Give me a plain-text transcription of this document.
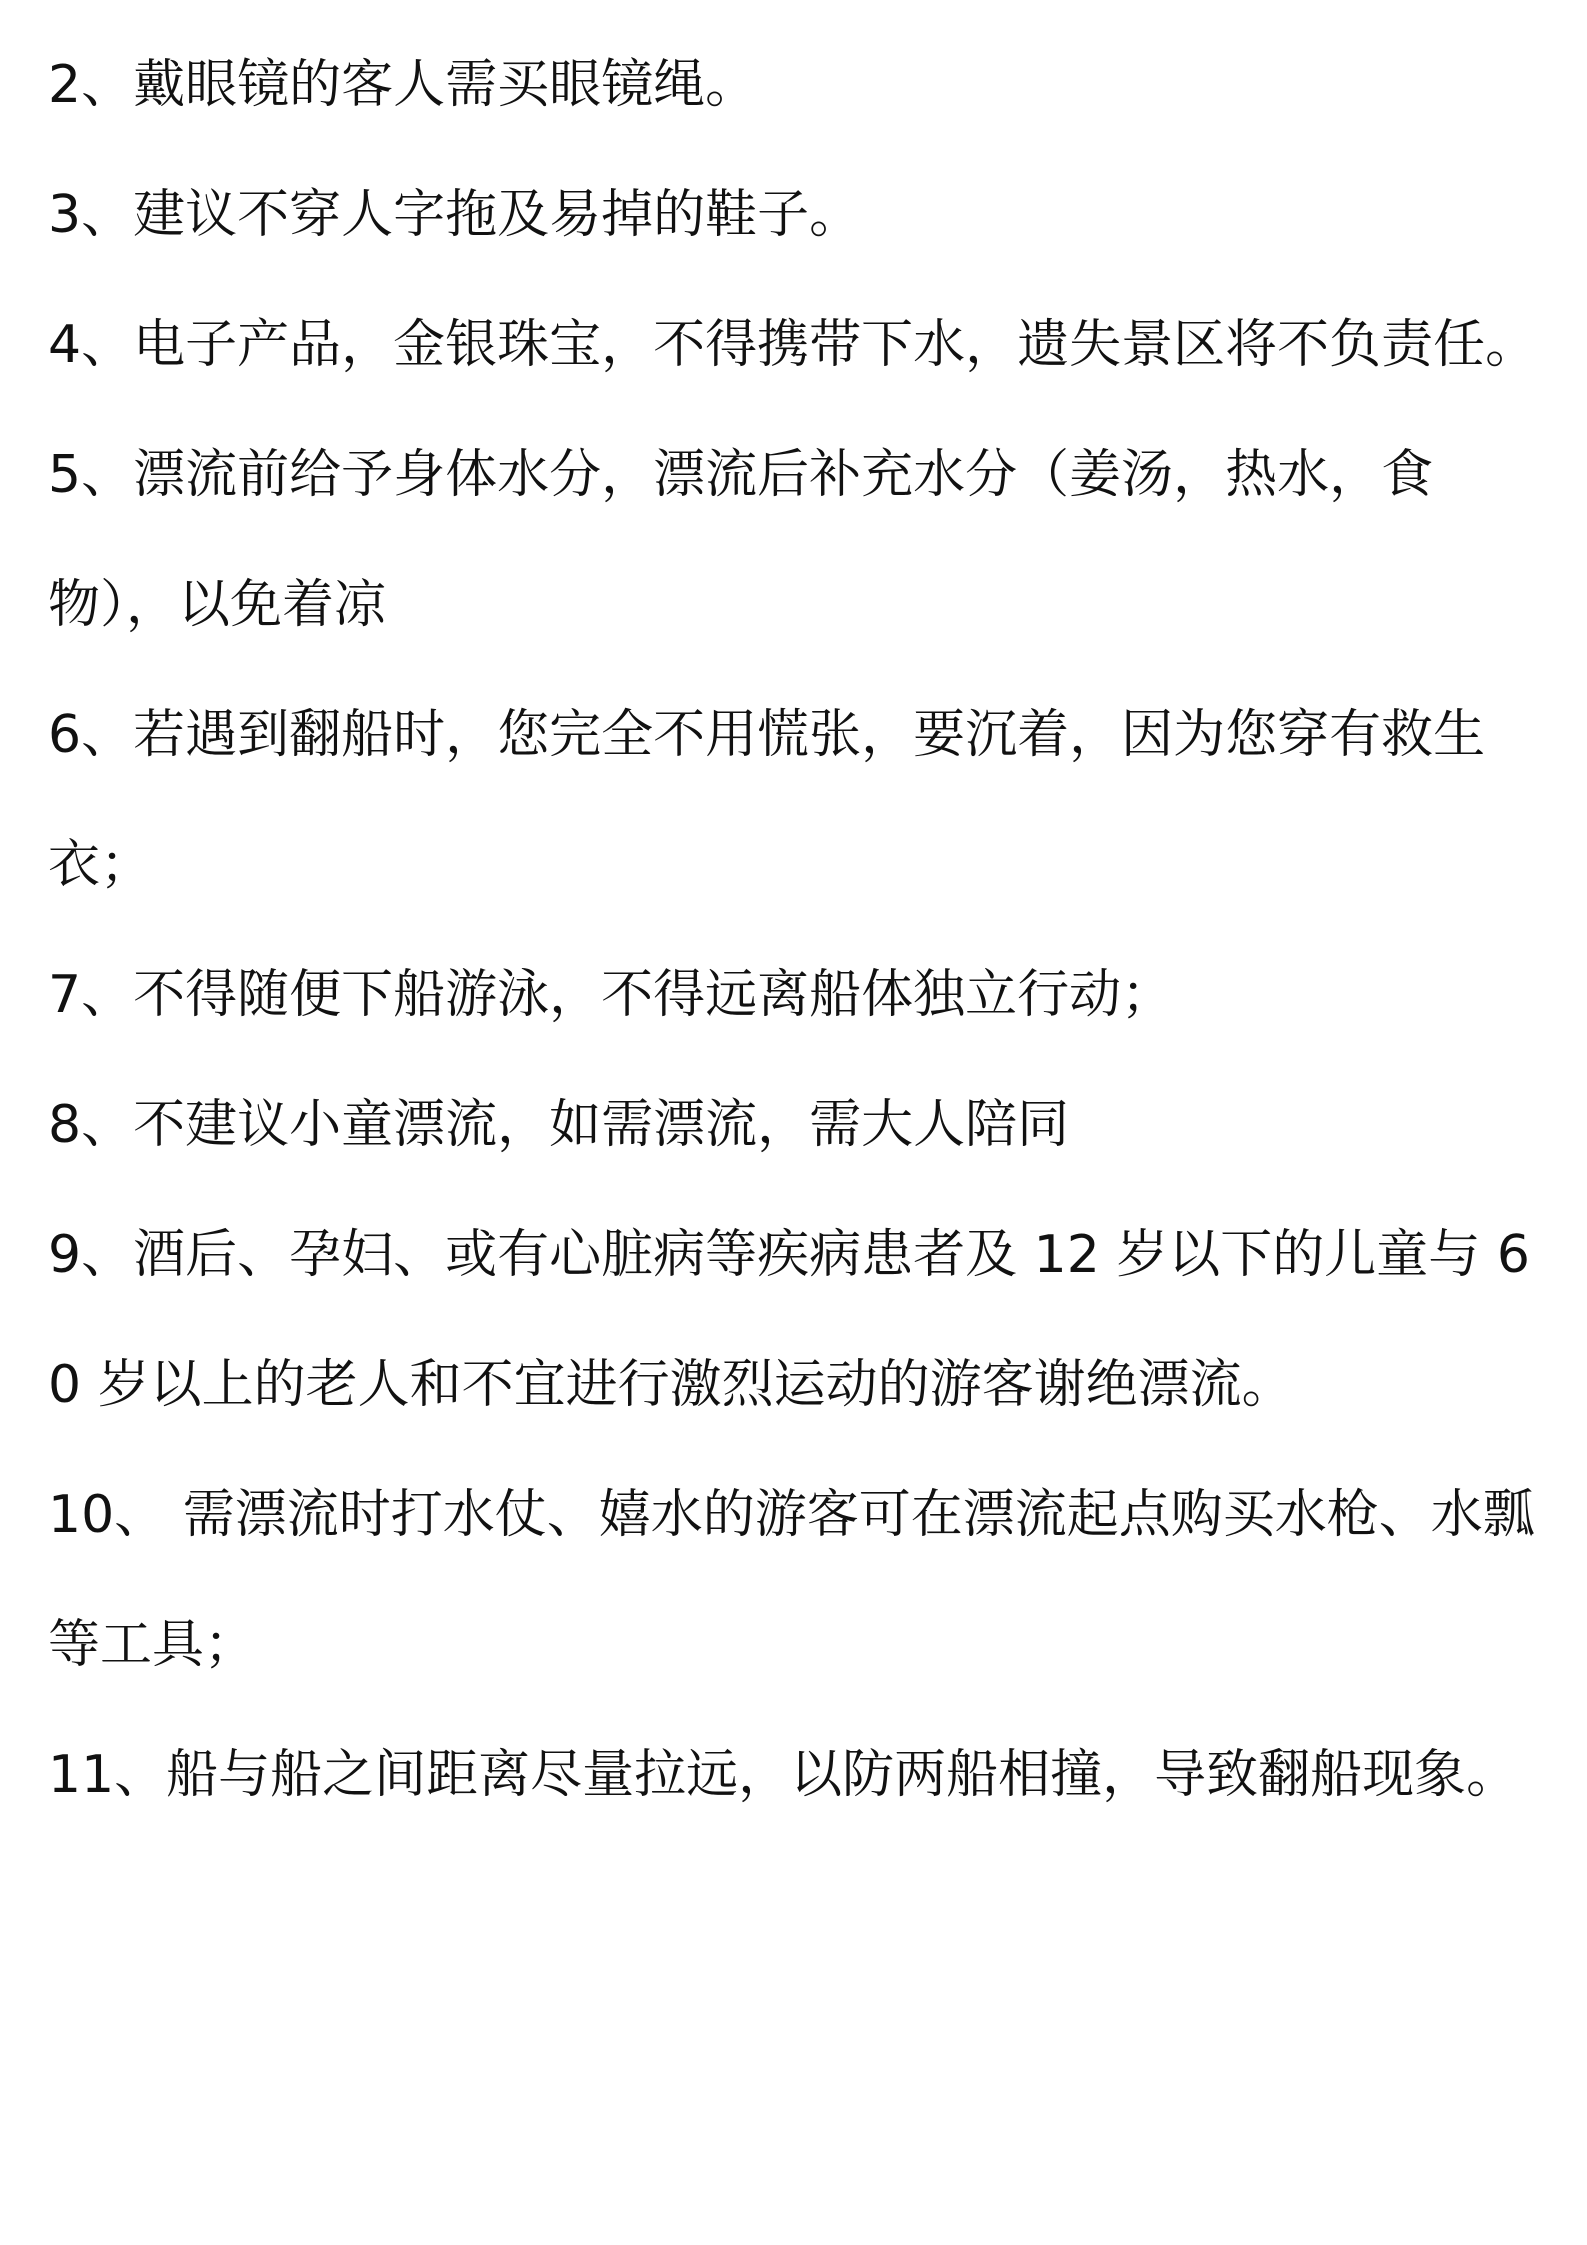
2、戴眼镜的客人需买眼镜绳。
3、建议不穿人字拖及易掉的鞋子。
4、电子产品，金银珠宝，不得携带下水，遗失景区将不负责任。
5、漂流前给予身体水分，漂流后补充水分（姜汤，热水，食物），以免着凉
6、若遇到翻船时，您完全不用慌张，要沉着，因为您穿有救生衣；
7、不得随便下船游泳，不得远离船体独立行动；
8、不建议小童漂流，如需漂流，需大人陪同
9、酒后、孕妇、或有心脏病等疾病患者及 12 岁以下的儿童与 60 岁以上的老人和不宜进行激烈运动的游客谢绝漂流。
10、 需漂流时打水仗、嬉水的游客可在漂流起点购买水枪、水瓢等工具；
11、船与船之间距离尽量拉远，以防两船相撞，导致翻船现象。
